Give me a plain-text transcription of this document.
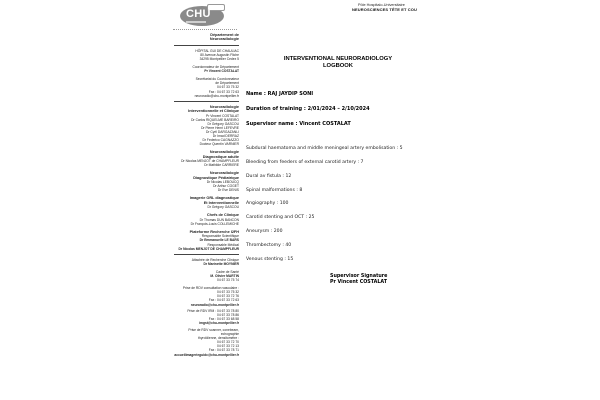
CHU
Pôle Hospitalo-Universitaire
NEUROSCIENCES TÊTE ET COU
Département de
Neuroradiologie
HÔPITAL GUI DE CHAULIAC
80 Avenue Augustin Fliche
34295 Montpellier Cedex 5
Coordonnateur de Département
Pr Vincent COSTALAT
Secrétariat du Coordonnateur
de Département
04 67 33 75 32
Fax : 04 67 33 72 63
neuroradio@chu-montpellier.fr
Neuroradiologie
Interventionnelle et Clinique
Pr Vincent COSTALAT
Dr Carlos RIQUELME BAREIRO
Dr Grégory GASCOU
Dr Pierre Henri LEFEVRE
Dr Cyril DARGAZANLI
Dr Imad DERRAZ
Dr Federico CAGNAZZO
Docteur Quentin VARNIER
Neuroradiologie
Diagnostique adulte
Dr Nicolas MENJOT de CHAMPFLEUR
Dr Mathilde CARRIERE
Neuroradiologie
Diagnostique Pédiatrique
Dr Nicolas LEBOUCQ
Dr Arthur COGET
Dr Eve DENIS
Imagerie ORL diagnostique
Et Interventionnelle
Dr Grégory GASCOU
Chefs de Clinique
Dr Thomas DUN BANCON
Dr François-Louis COLLEMICHE
Plateforme Recherche I2FH
Responsable Scientifique
Dr Emmanuelle LE BARS
Responsable Médical
Dr Nicolas MENJOT DE CHAMPFLEUR
Attachée de Recherche Clinique
Dr Marinette MOYNIER
Cadre de Santé
M. Olivier MARTIN
04 67 33 75 74
Prise de RDV consultation vasculaire :
04 67 33 75 32
04 67 33 72 76
Fax : 04 67 33 72 63
neuroradio@chu-montpellier.fr
Prise de RDV IRM : 04 67 33 78 80
04 67 33 78 86
Fax : 04 67 33 68 58
imgst@chu-montpellier.fr
Prise de RDV scanner, conebeam, echographie
thyroïdienne, densitomètre :
04 67 33 72 70
04 67 33 72 13
Fax : 04 67 33 78 71
accueilimagerieguidc@chu-montpellier.fr
INTERVENTIONAL NEURORADIOLOGY
LOGBOOK
Name : RAJ JAYDIP SONI
Duration of training : 2/01/2024 – 2/10/2024
Supervisor name : Vincent COSTALAT
Subdural haematoma and middle meningeal artery embolisation : 5
Bleeding from feeders of external carotid artery : 7
Dural av fistula : 12
Spinal malformations : 8
Angiography : 100
Carotid stenting and OCT : 25
Aneurysm : 200
Thrombectomy : 40
Venous stenting : 15
Supervisor Signature
Pr Vincent COSTALAT
